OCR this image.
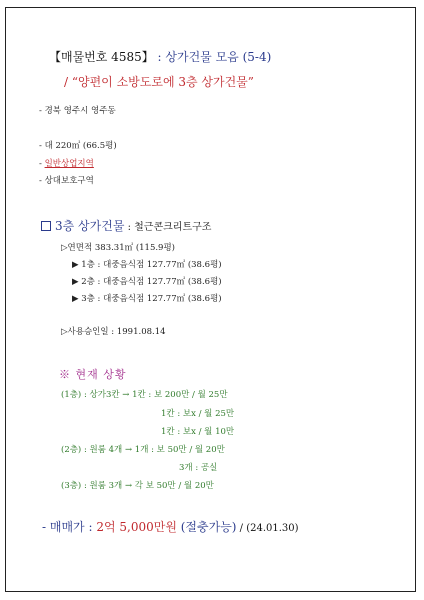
【매물번호 4585】 : 상가건물 모음 (5-4)
/ “양편이 소방도로에 3층 상가건물”
- 경북 영주시 영주동
- 대 220㎡ (66.5평)
- 일반상업지역
- 상대보호구역
3층 상가건물 : 철근콘크리트구조
▷연면적 383.31㎡ (115.9평)
▶ 1층 : 대중음식점 127.77㎡ (38.6평)
▶ 2층 : 대중음식점 127.77㎡ (38.6평)
▶ 3층 : 대중음식점 127.77㎡ (38.6평)
▷사용승인일 : 1991.08.14
※ 현재 상황
(1층) : 상가3칸 → 1칸 : 보 200만 / 월 25만
1칸 : 보x / 월 25만
1칸 : 보x / 월 10만
(2층) : 원룸 4개 → 1개 : 보 50만 / 월 20만
3개 : 공실
(3층) : 원룸 3개 → 각 보 50만 / 월 20만
- 매매가 : 2억 5,000만원 (절충가능) / (24.01.30)
